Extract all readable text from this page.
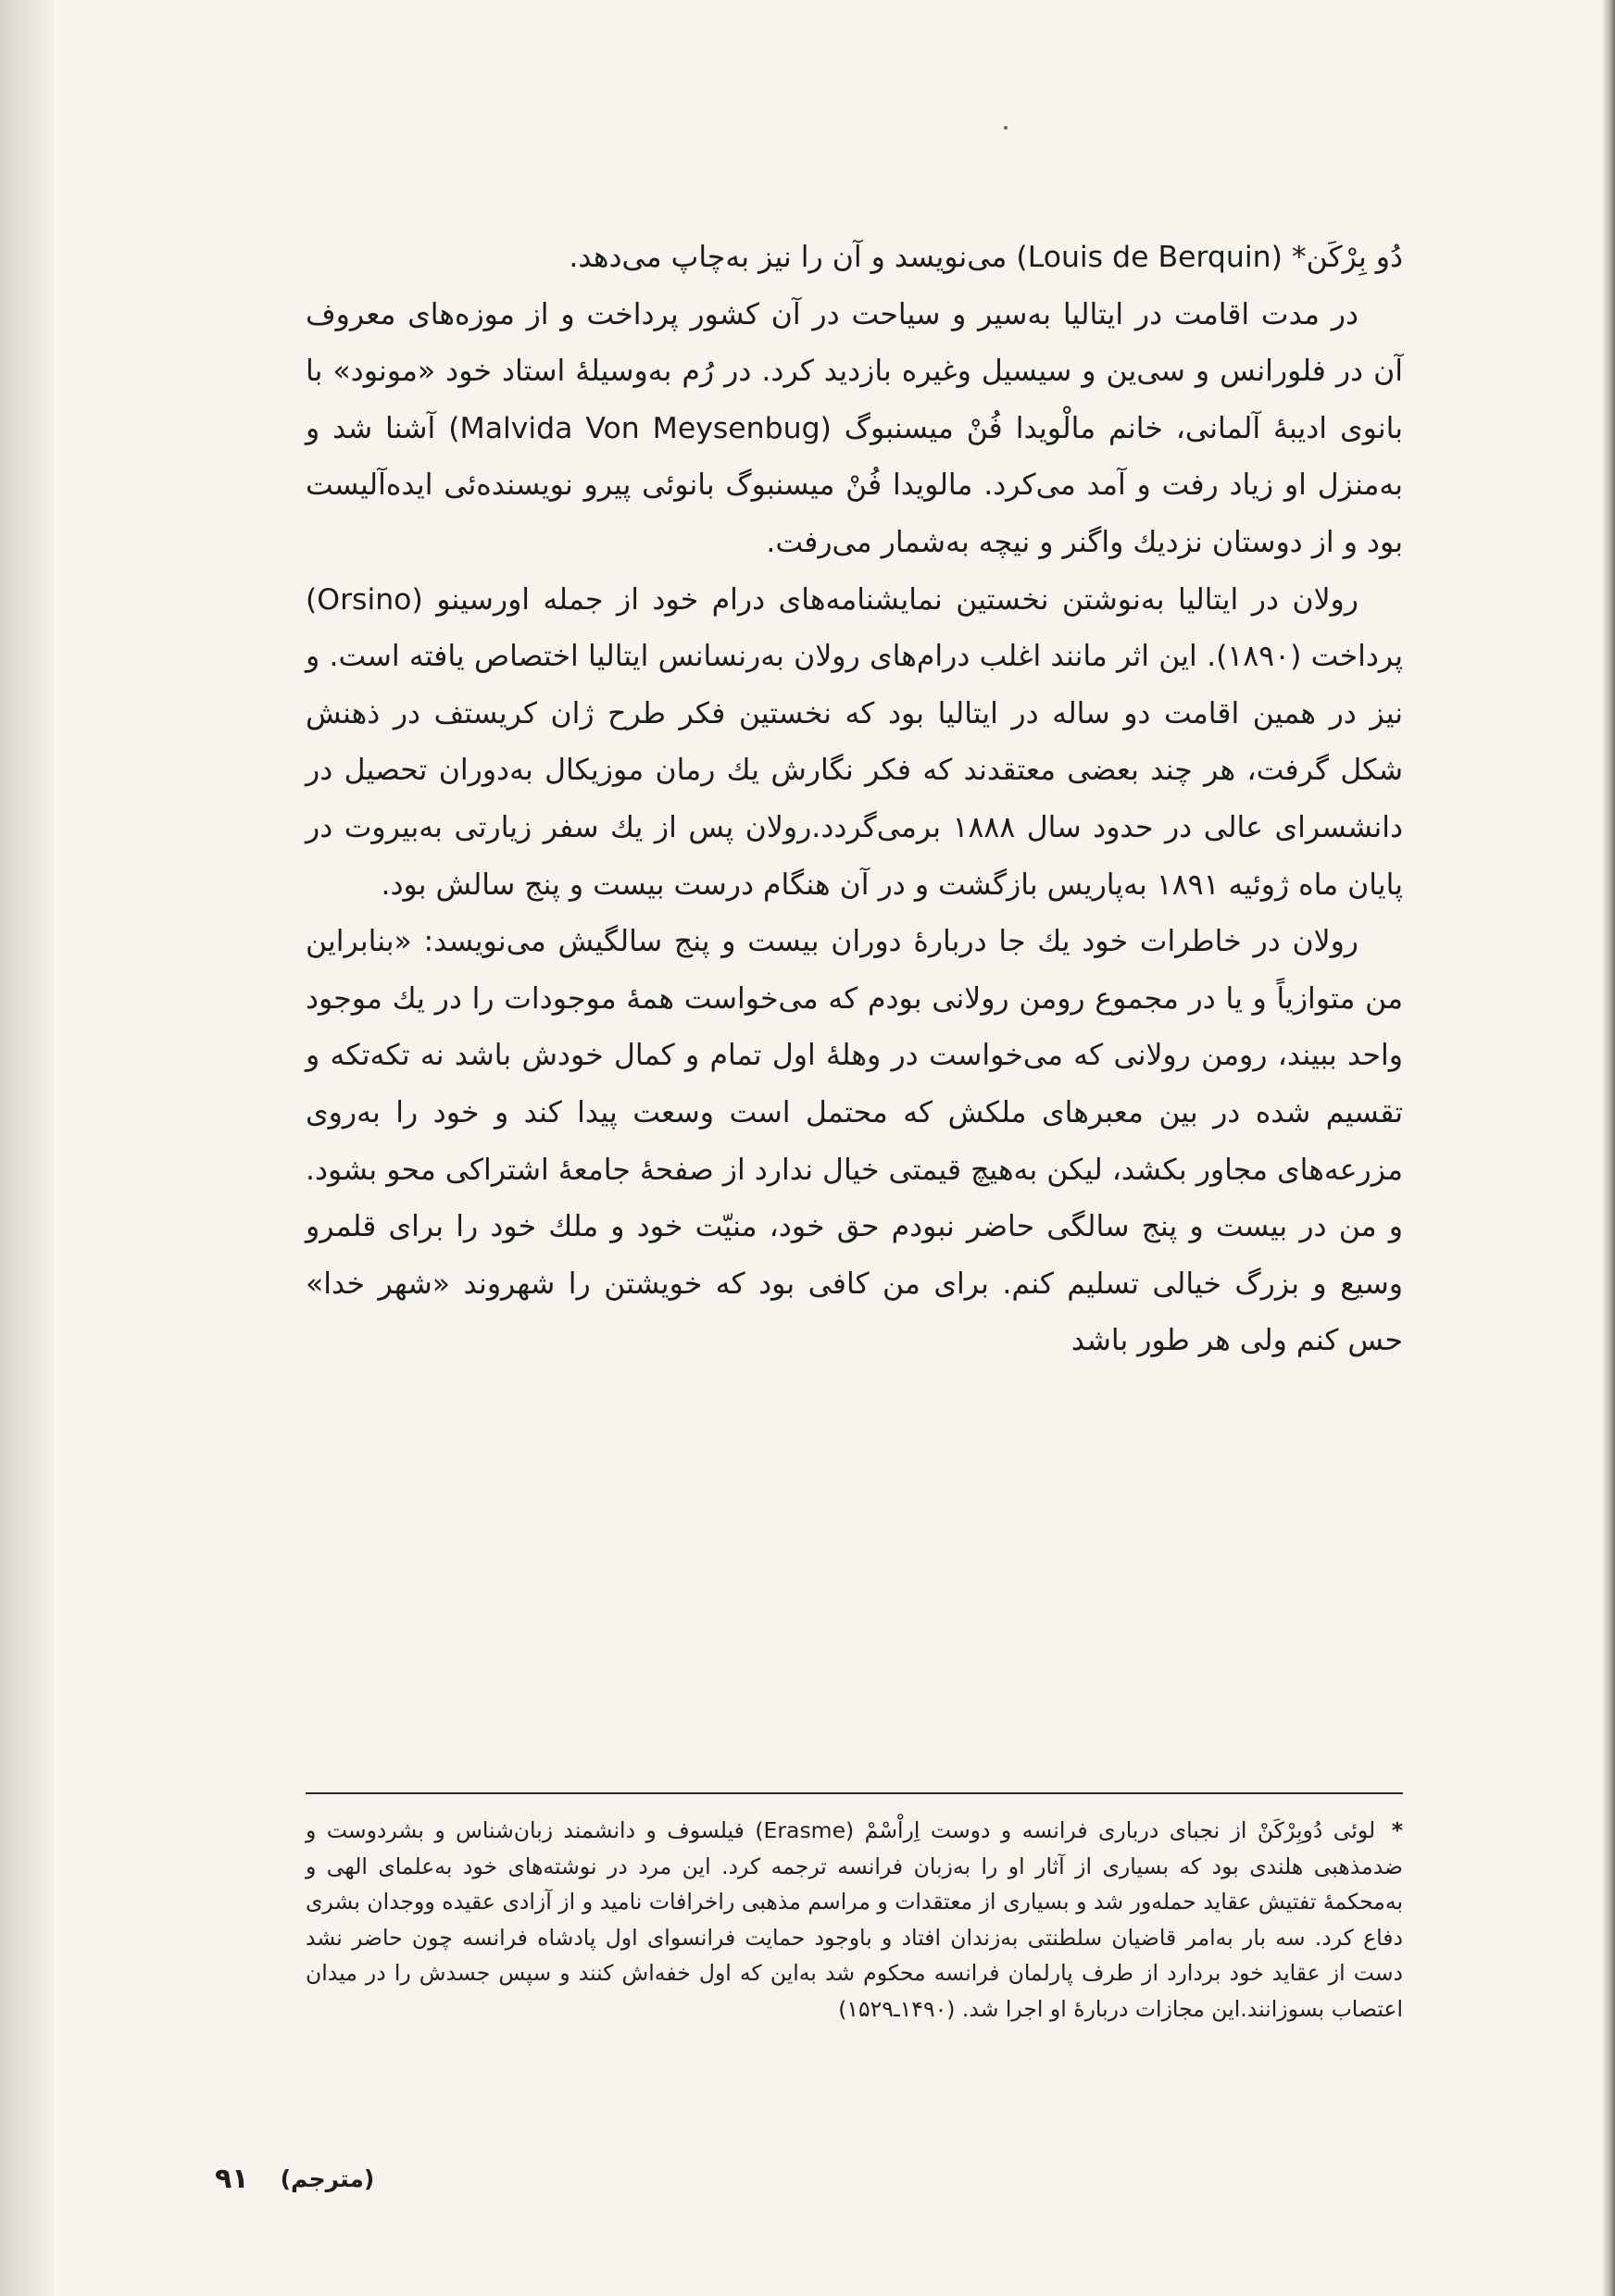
دُو بِرْکَن* (Louis de Berquin) می‌نویسد و آن را نیز به‌چاپ می‌دهد.

در مدت اقامت در ایتالیا به‌سیر و سیاحت در آن کشور پرداخت و از موزه‌های معروف آن در فلورانس و سی‌ین و سیسیل وغیره بازدید کرد. در رُم به‌وسیلهٔ استاد خود «مونود» با بانوی ادیبهٔ آلمانی، خانم مالْویدا فُنْ میسنبوگ (Malvida Von Meysenbug) آشنا شد و به‌منزل او زیاد رفت و آمد می‌کرد. مالویدا فُنْ میسنبوگ بانوئی پیرو نویسنده‌ئی ایده‌آلیست بود و از دوستان نزدیك واگنر و نیچه به‌شمار می‌رفت.

رولان در ایتالیا به‌نوشتن نخستین نمایشنامه‌های درام خود از جمله اورسینو (Orsino) پرداخت (۱۸۹۰). این اثر مانند اغلب درام‌های رولان به‌رنسانس ایتالیا اختصاص یافته است. و نیز در همین اقامت دو ساله در ایتالیا بود که نخستین فکر طرح ژان کریستف در ذهنش شکل گرفت، هر چند بعضی معتقدند که فکر نگارش یك رمان موزیکال به‌دوران تحصیل در دانشسرای عالی در حدود سال ۱۸۸۸ برمی‌گردد.رولان پس از یك سفر زیارتی به‌بیروت در پایان ماه ژوئیه ۱۸۹۱ به‌پاریس بازگشت و در آن هنگام درست بیست و پنج سالش بود.

رولان در خاطرات خود یك جا دربارهٔ دوران بیست و پنج سالگیش می‌نویسد: «بنابراین من متوازیاً و یا در مجموع رومن رولانی بودم که می‌خواست همهٔ موجودات را در یك موجود واحد ببیند، رومن رولانی که می‌خواست در وهلهٔ اول تمام و کمال خودش باشد نه تکه‌تکه و تقسیم شده در بین معبرهای ملکش که محتمل است وسعت پیدا کند و خود را به‌روی مزرعه‌های مجاور بکشد، لیکن به‌هیچ قیمتی خیال ندارد از صفحهٔ جامعهٔ اشتراکی محو بشود. و من در بیست و پنج سالگی حاضر نبودم حق خود، منیّت خود و ملك خود را برای قلمرو وسیع و بزرگ خیالی تسلیم کنم. برای من کافی بود که خویشتن را شهروند «شهر خدا» حس کنم ولی هر طور باشد

* لوئی دُوبِرْکَنْ از نجبای درباری فرانسه و دوست اِراْسْمْ (Erasme) فیلسوف و دانشمند زبان‌شناس و بشردوست و ضدمذهبی هلندی بود که بسیاری از آثار او را به‌زبان فرانسه ترجمه کرد. این مرد در نوشته‌های خود به‌علمای الهی و به‌محکمهٔ تفتیش عقاید حمله‌ور شد و بسیاری از معتقدات و مراسم مذهبی راخرافات نامید و از آزادی عقیده ووجدان بشری دفاع کرد. سه بار به‌امر قاضیان سلطنتی به‌زندان افتاد و باوجود حمایت فرانسوای اول پادشاه فرانسه چون حاضر نشد دست از عقاید خود بردارد از طرف پارلمان فرانسه محکوم شد به‌این که اول خفه‌اش کنند و سپس جسدش را در میدان اعتصاب بسوزانند.این مجازات دربارهٔ او اجرا شد. (۱۴۹۰ـ۱۵۲۹)

(مترجم)
۹۱
